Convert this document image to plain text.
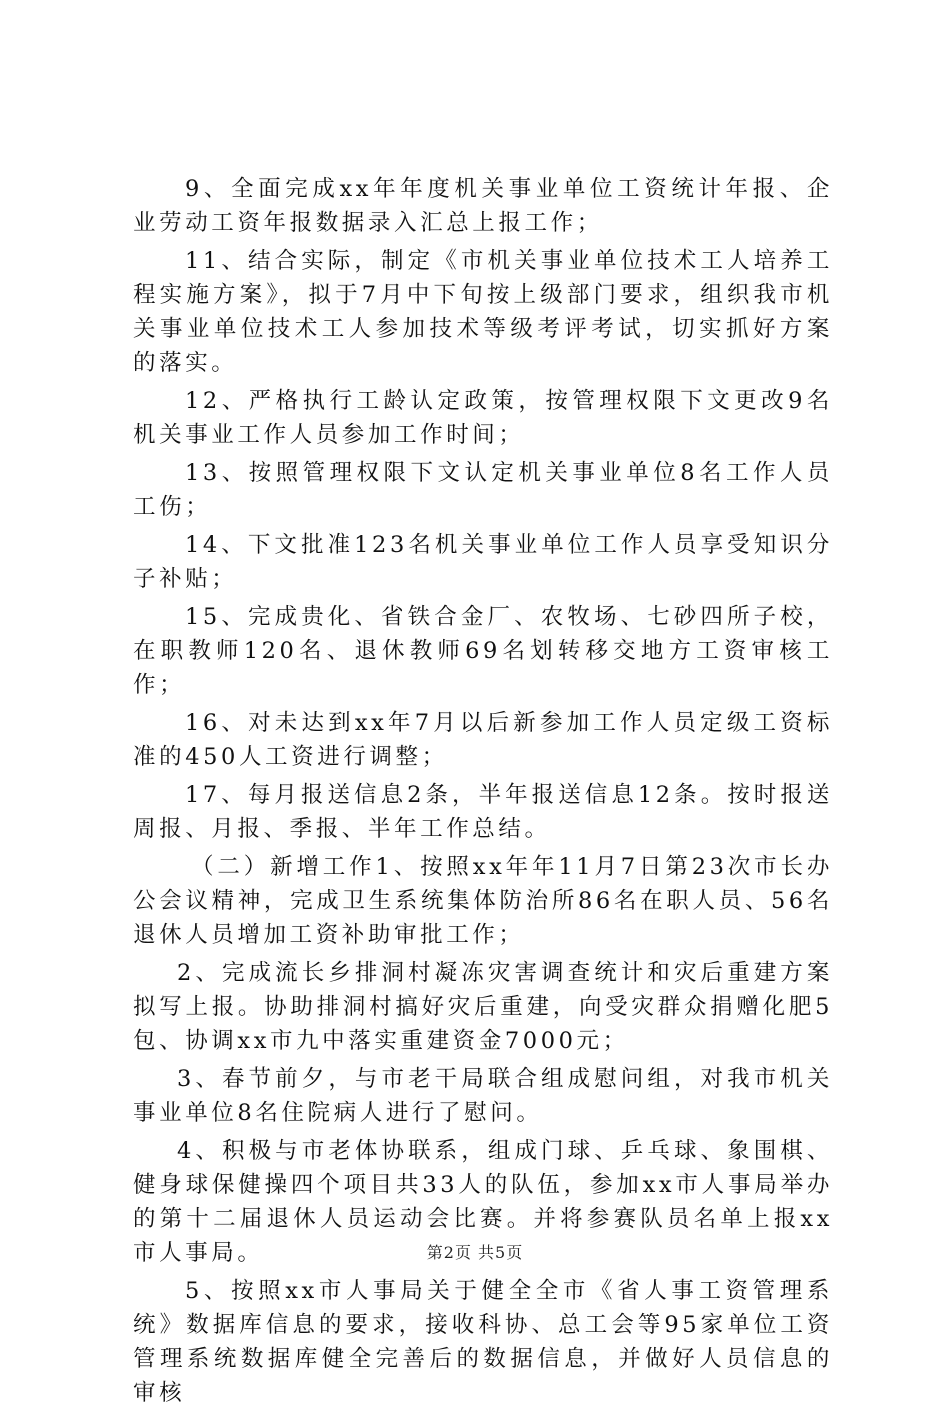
9、全面完成xx年年度机关事业单位工资统计年报、企业劳动工资年报数据录入汇总上报工作；

11、结合实际，制定《市机关事业单位技术工人培养工程实施方案》，拟于7月中下旬按上级部门要求，组织我市机关事业单位技术工人参加技术等级考评考试，切实抓好方案的落实。

12、严格执行工龄认定政策，按管理权限下文更改9名机关事业工作人员参加工作时间；

13、按照管理权限下文认定机关事业单位8名工作人员工伤；

14、下文批准123名机关事业单位工作人员享受知识分子补贴；

15、完成贵化、省铁合金厂、农牧场、七砂四所子校，在职教师120名、退休教师69名划转移交地方工资审核工作；

16、对未达到xx年7月以后新参加工作人员定级工资标准的450人工资进行调整；

17、每月报送信息2条，半年报送信息12条。按时报送周报、月报、季报、半年工作总结。

（二）新增工作1、按照xx年年11月7日第23次市长办公会议精神，完成卫生系统集体防治所86名在职人员、56名退休人员增加工资补助审批工作；

2、完成流长乡排洞村凝冻灾害调查统计和灾后重建方案拟写上报。协助排洞村搞好灾后重建，向受灾群众捐赠化肥5包、协调xx市九中落实重建资金7000元；

3、春节前夕，与市老干局联合组成慰问组，对我市机关事业单位8名住院病人进行了慰问。

4、积极与市老体协联系，组成门球、乒乓球、象围棋、健身球保健操四个项目共33人的队伍，参加xx市人事局举办的第十二届退休人员运动会比赛。并将参赛队员名单上报xx市人事局。

5、按照xx市人事局关于健全全市《省人事工资管理系统》数据库信息的要求，接收科协、总工会等95家单位工资管理系统数据库健全完善后的数据信息，并做好人员信息的审核

第2页 共5页
